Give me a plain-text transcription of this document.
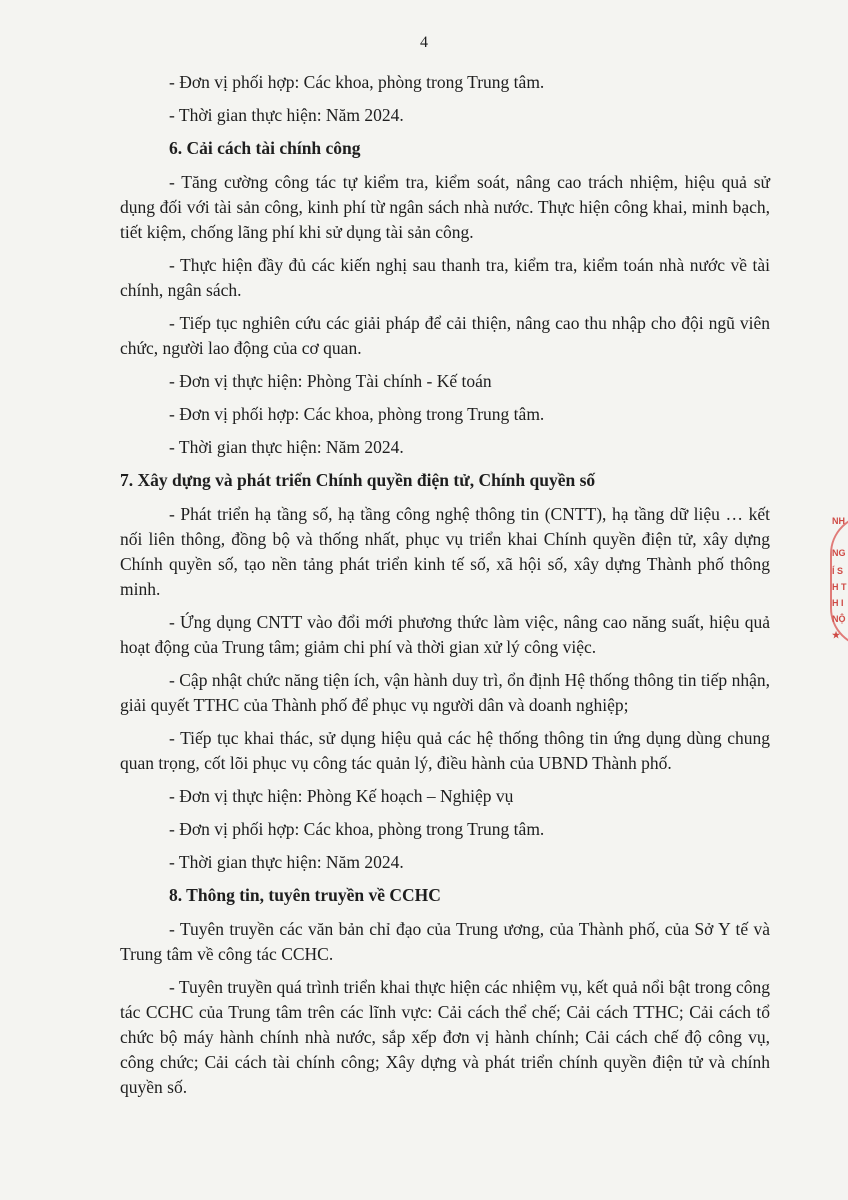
4
- Đơn vị phối hợp: Các khoa, phòng trong Trung tâm.
- Thời gian thực hiện: Năm 2024.
6. Cải cách tài chính công
- Tăng cường công tác tự kiểm tra, kiểm soát, nâng cao trách nhiệm, hiệu quả sử dụng đối với tài sản công, kinh phí từ ngân sách nhà nước. Thực hiện công khai, minh bạch, tiết kiệm, chống lãng phí khi sử dụng tài sản công.
- Thực hiện đầy đủ các kiến nghị sau thanh tra, kiểm tra, kiểm toán nhà nước về tài chính, ngân sách.
- Tiếp tục nghiên cứu các giải pháp để cải thiện, nâng cao thu nhập cho đội ngũ viên chức, người lao động của cơ quan.
- Đơn vị thực hiện: Phòng Tài chính - Kế toán
- Đơn vị phối hợp: Các khoa, phòng trong Trung tâm.
- Thời gian thực hiện: Năm 2024.
7. Xây dựng và phát triển Chính quyền điện tử, Chính quyền số
- Phát triển hạ tầng số, hạ tầng công nghệ thông tin (CNTT), hạ tầng dữ liệu … kết nối liên thông, đồng bộ và thống nhất, phục vụ triển khai Chính quyền điện tử, xây dựng Chính quyền số, tạo nền tảng phát triển kinh tế số, xã hội số, xây dựng Thành phố thông minh.
- Ứng dụng CNTT vào đổi mới phương thức làm việc, nâng cao năng suất, hiệu quả hoạt động của Trung tâm; giảm chi phí và thời gian xử lý công việc.
- Cập nhật chức năng tiện ích, vận hành duy trì, ổn định Hệ thống thông tin tiếp nhận, giải quyết TTHC của Thành phố để phục vụ người dân và doanh nghiệp;
- Tiếp tục khai thác, sử dụng hiệu quả các hệ thống thông tin ứng dụng dùng chung quan trọng, cốt lõi phục vụ công tác quản lý, điều hành của UBND Thành phố.
- Đơn vị thực hiện: Phòng Kế hoạch – Nghiệp vụ
- Đơn vị phối hợp: Các khoa, phòng trong Trung tâm.
- Thời gian thực hiện: Năm 2024.
8. Thông tin, tuyên truyền về CCHC
- Tuyên truyền các văn bản chỉ đạo của Trung ương, của Thành phố, của Sở Y tế và Trung tâm về công tác CCHC.
- Tuyên truyền quá trình triển khai thực hiện các nhiệm vụ, kết quả nổi bật trong công tác CCHC của Trung tâm trên các lĩnh vực: Cải cách thể chế; Cải cách TTHC; Cải cách tổ chức bộ máy hành chính nhà nước, sắp xếp đơn vị hành chính; Cải cách chế độ công vụ, công chức; Cải cách tài chính công; Xây dựng và phát triển chính quyền điện tử và chính quyền số.
NH
NG
Í S
H T
H I
NỘ
★
